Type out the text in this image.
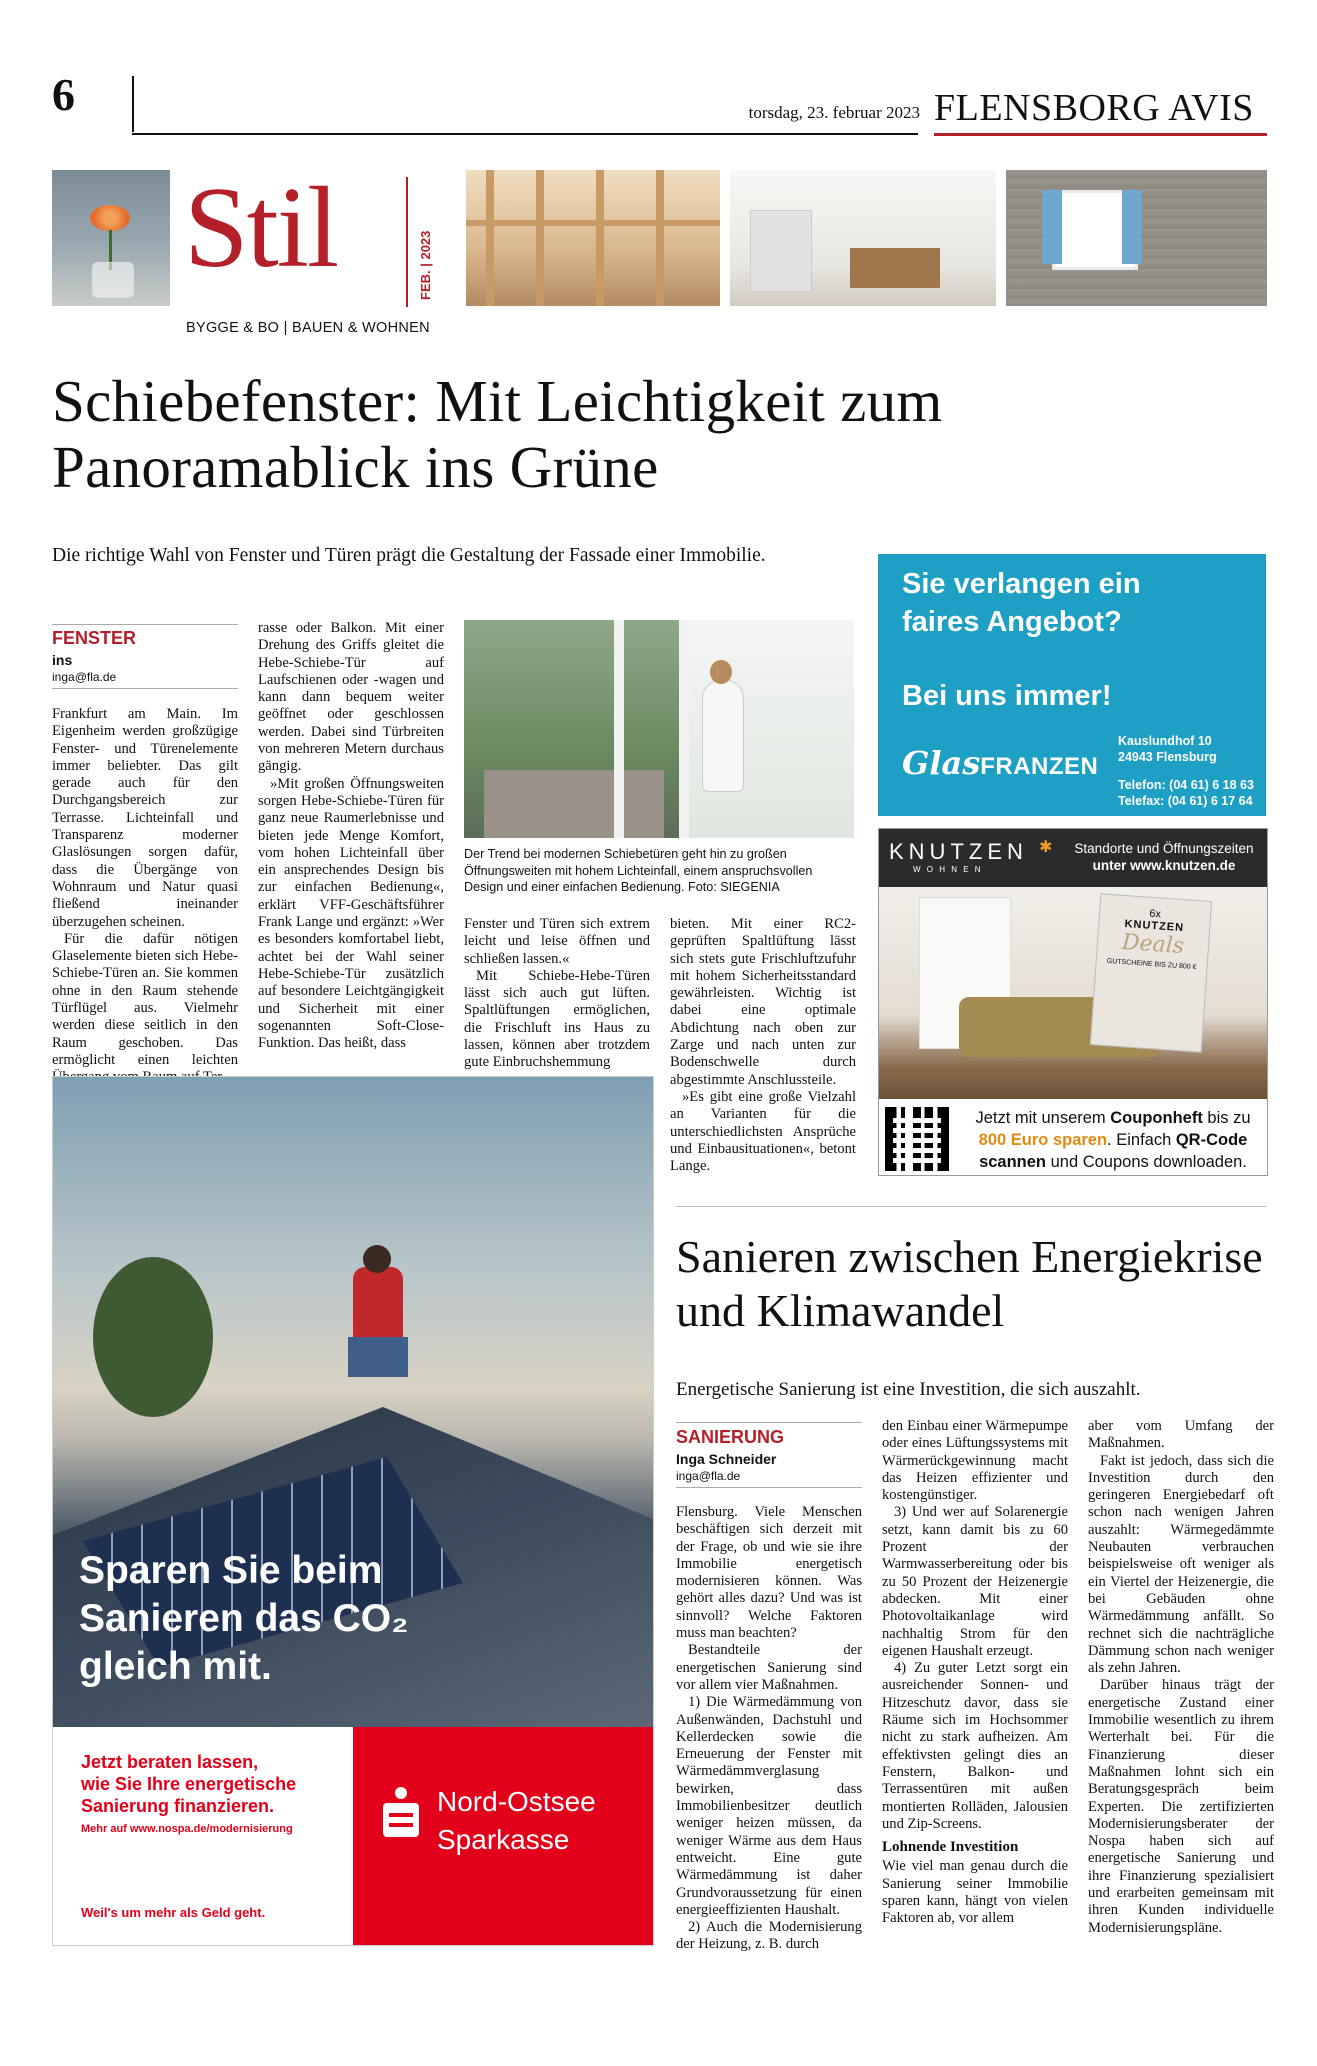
6	torsdag, 23. februar 2023 FLENSBORG AVIS
Stil	FEB. | 2023
BYGGE & BO | BAUEN & WOHNEN
Schiebefenster: Mit Leichtigkeit zum Panoramablick ins Grüne
Die richtige Wahl von Fenster und Türen prägt die Gestaltung der Fassade einer Immobilie.
FENSTER
ins
inga@fla.de

Frankfurt am Main. Im Eigenheim werden großzügige Fenster- und Türenelemente immer beliebter. Das gilt gerade auch für den Durchgangsbereich zur Terrasse. Lichteinfall und Transparenz moderner Glaslösungen sorgen dafür, dass die Übergänge von Wohnraum und Natur quasi fließend ineinander überzugehen scheinen.

Für die dafür nötigen Glaselemente bieten sich Hebe-Schiebe-Türen an. Sie kommen ohne in den Raum stehende Türflügel aus. Vielmehr werden diese seitlich in den Raum geschoben. Das ermöglicht einen leichten

rasse oder Balkon. Mit einer Drehung des Griffs gleitet die Hebe-Schiebe-Tür auf Laufschienen oder -wagen und kann dann bequem weiter geöffnet oder geschlossen werden. Dabei sind Türbreiten von mehreren Metern durchaus gängig.

»Mit großen Öffnungsweiten sorgen Hebe-Schiebe-Türen für ganz neue Raumerlebnisse und bieten jede Menge Komfort, vom hohen Lichteinfall über ein ansprechendes Design bis zur einfachen Bedienung«, erklärt VFF-Geschäftsführer Frank Lange und ergänzt: »Wer es besonders komfortabel liebt, achtet bei der Wahl seiner Hebe-Schiebe-Tür zusätzlich auf besondere Leichtgängigkeit und Sicherheit mit einer sogenannten Soft-Close-Funktion. Das heißt, dass

Der Trend bei modernen Schiebetüren geht hin zu großen Öffnungsweiten mit hohem Lichteinfall, einem anspruchsvollen Design und einer einfachen Bedienung. Foto: SIEGENIA

Fenster und Türen sich extrem leicht und leise öffnen und schließen lassen.«

Mit Schiebe-Hebe-Türen lässt sich auch gut lüften. Spaltlüftungen ermöglichen, die Frischluft ins Haus zu lassen, können aber trotzdem gute Einbruchshemmung

bieten. Mit einer RC2-geprüften Spaltlüftung lässt sich stets gute Frischluftzufuhr mit hohem Sicherheitsstandard gewährleisten. Wichtig ist dabei eine optimale Abdichtung nach oben zur Zarge und nach unten zur Bodenschwelle durch abgestimmte Anschlussteile.

»Es gibt eine große Vielzahl an Varianten für die unterschiedlichsten Ansprüche und Einbausituationen«, betont Lange.

Sie verlangen ein
faires Angebot?
Bei uns immer!
GlasFRANZEN
Kauslundhof 10
24943 Flensburg
Telefon: (04 61) 6 18 63
Telefax: (04 61) 6 17 64
KNUTZEN
W O H N E N
✱	Standorte und Öffnungszeiten
unter www.knutzen.de
6x
KNUTZEN
Deals
GUTSCHEINE BIS ZU 800 €
Jetzt mit unserem Couponheft bis zu
800 Euro sparen. Einfach QR-Code
scannen und Coupons downloaden.
Sparen Sie beim
Sanieren das CO₂
gleich mit.
Jetzt beraten lassen,
wie Sie Ihre energetische
Sanierung finanzieren.
Mehr auf www.nospa.de/modernisierung
Weil's um mehr als Geld geht.
Nord-Ostsee
Sparkasse
Sanieren zwischen Energiekrise und Klimawandel
Energetische Sanierung ist eine Investition, die sich auszahlt.
SANIERUNG
Inga Schneider
inga@fla.de

Flensburg. Viele Menschen beschäftigen sich derzeit mit der Frage, ob und wie sie ihre Immobilie energetisch modernisieren können. Was gehört alles dazu? Und was ist sinnvoll? Welche Faktoren muss man beachten?

Bestandteile der energetischen Sanierung sind vor allem vier Maßnahmen.

1) Die Wärmedämmung von Außenwänden, Dachstuhl und Kellerdecken sowie die Erneuerung der Fenster mit Wärmedämmverglasung bewirken, dass Immobilienbesitzer deutlich weniger heizen müssen, da weniger Wärme aus dem Haus entweicht. Eine gute Wärmedämmung ist daher Grundvoraussetzung für einen energieeffizienten Haushalt.

2) Auch die Modernisierung der Heizung, z. B. durch

den Einbau einer Wärmepumpe oder eines Lüftungssystems mit Wärmerückgewinnung macht das Heizen effizienter und kostengünstiger.

3) Und wer auf Solarenergie setzt, kann damit bis zu 60 Prozent der Warmwasserbereitung oder bis zu 50 Prozent der Heizenergie abdecken. Mit einer Photovoltaikanlage wird nachhaltig Strom für den eigenen Haushalt erzeugt.

4) Zu guter Letzt sorgt ein ausreichender Sonnen- und Hitzeschutz davor, dass sie Räume sich im Hochsommer nicht zu stark aufheizen. Am effektivsten gelingt dies an Fenstern, Balkon- und Terrassentüren mit außen montierten Rolläden, Jalousien und Zip-Screens.

Lohnende Investition

Wie viel man genau durch die Sanierung seiner Immobilie sparen kann, hängt von vielen Faktoren ab, vor allem

aber vom Umfang der Maßnahmen.

Fakt ist jedoch, dass sich die Investition durch den geringeren Energiebedarf oft schon nach wenigen Jahren auszahlt: Wärmegedämmte Neubauten verbrauchen beispielsweise oft weniger als ein Viertel der Heizenergie, die bei Gebäuden ohne Wärmedämmung anfällt. So rechnet sich die nachträgliche Dämmung schon nach weniger als zehn Jahren.

Darüber hinaus trägt der energetische Zustand einer Immobilie wesentlich zu ihrem Werterhalt bei. Für die Finanzierung dieser Maßnahmen lohnt sich ein Beratungsgespräch beim Experten. Die zertifizierten Modernisierungsberater der Nospa haben sich auf energetische Sanierung und ihre Finanzierung spezialisiert und erarbeiten gemeinsam mit ihren Kunden individuelle Modernisierungspläne.
